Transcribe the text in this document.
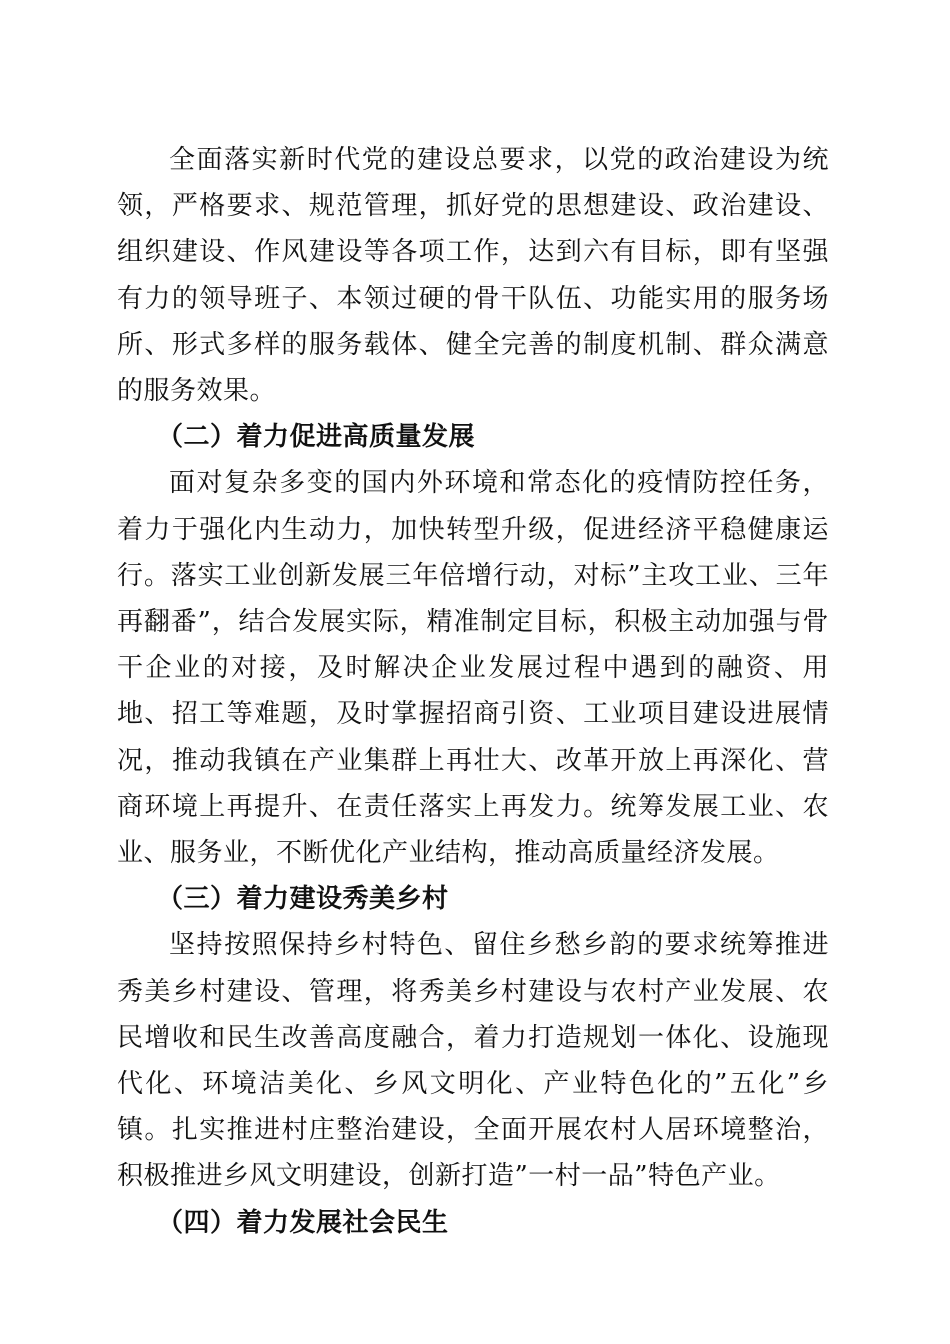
全面落实新时代党的建设总要求，以党的政治建设为统领，严格要求、规范管理，抓好党的思想建设、政治建设、组织建设、作风建设等各项工作，达到六有目标，即有坚强有力的领导班子、本领过硬的骨干队伍、功能实用的服务场所、形式多样的服务载体、健全完善的制度机制、群众满意的服务效果。

（二）着力促进高质量发展

面对复杂多变的国内外环境和常态化的疫情防控任务，着力于强化内生动力，加快转型升级，促进经济平稳健康运行。落实工业创新发展三年倍增行动，对标”主攻工业、三年再翻番”，结合发展实际，精准制定目标，积极主动加强与骨干企业的对接，及时解决企业发展过程中遇到的融资、用地、招工等难题，及时掌握招商引资、工业项目建设进展情况，推动我镇在产业集群上再壮大、改革开放上再深化、营商环境上再提升、在责任落实上再发力。统筹发展工业、农业、服务业，不断优化产业结构，推动高质量经济发展。

（三）着力建设秀美乡村

坚持按照保持乡村特色、留住乡愁乡韵的要求统筹推进秀美乡村建设、管理，将秀美乡村建设与农村产业发展、农民增收和民生改善高度融合，着力打造规划一体化、设施现代化、环境洁美化、乡风文明化、产业特色化的”五化”乡镇。扎实推进村庄整治建设，全面开展农村人居环境整治，积极推进乡风文明建设，创新打造”一村一品”特色产业。

（四）着力发展社会民生
